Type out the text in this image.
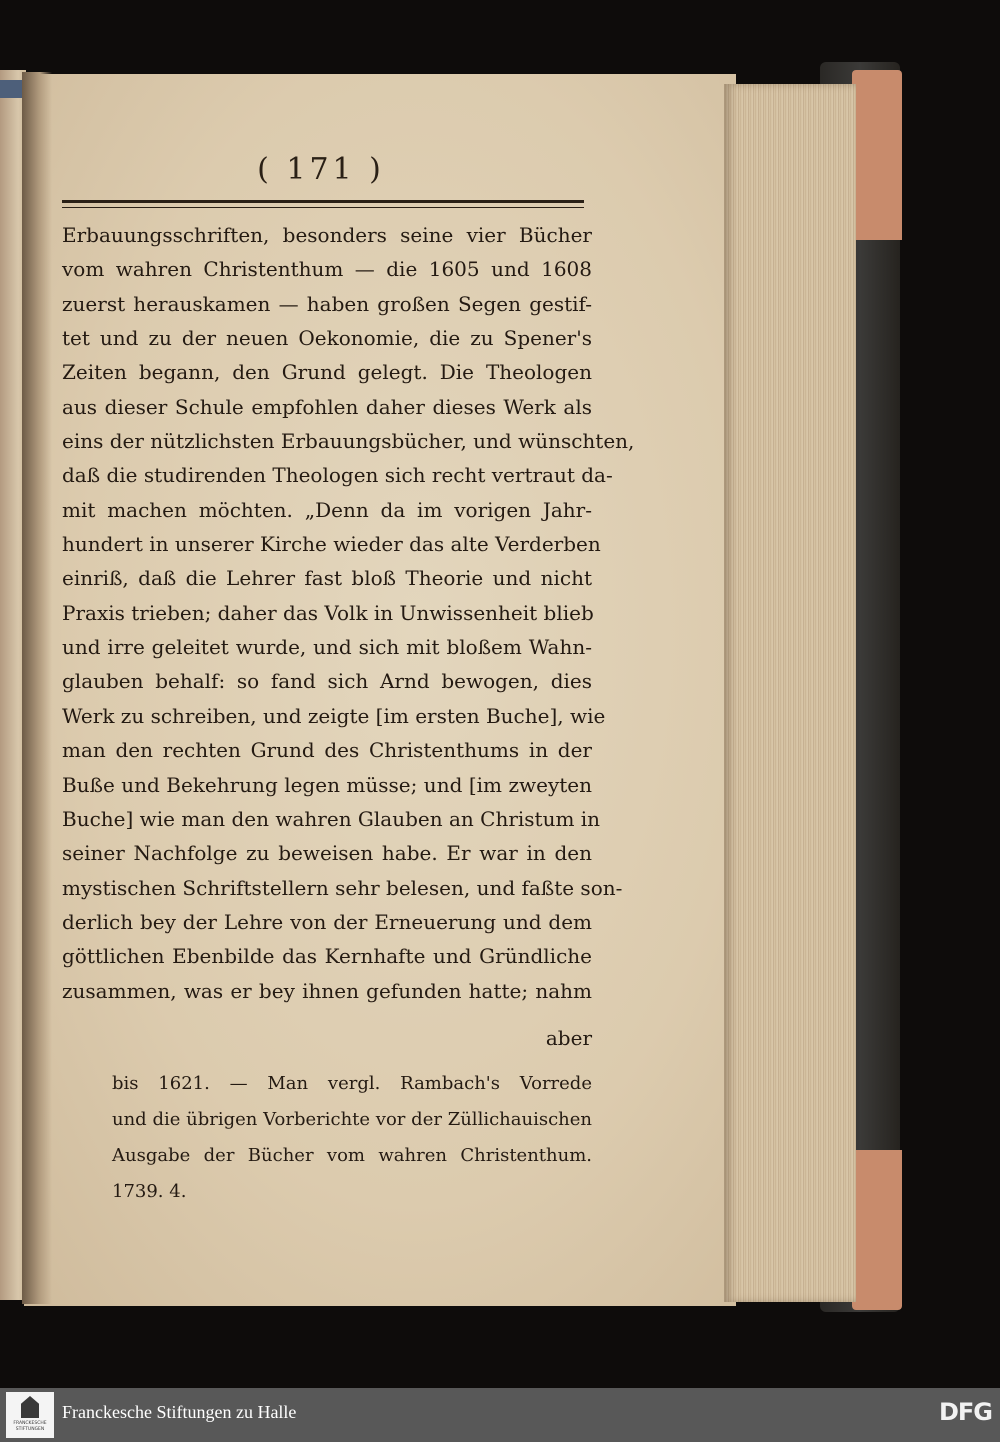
( 171 )
Erbauungsschriften, besonders seine vier Bücher
vom wahren Christenthum — die 1605 und 1608
zuerst herauskamen — haben großen Segen gestif-
tet und zu der neuen Oekonomie, die zu Spener's
Zeiten begann, den Grund gelegt. Die Theologen
aus dieser Schule empfohlen daher dieses Werk als
eins der nützlichsten Erbauungsbücher, und wünschten,
daß die studirenden Theologen sich recht vertraut da-
mit machen möchten. „Denn da im vorigen Jahr-
hundert in unserer Kirche wieder das alte Verderben
einriß, daß die Lehrer fast bloß Theorie und nicht
Praxis trieben; daher das Volk in Unwissenheit blieb
und irre geleitet wurde, und sich mit bloßem Wahn-
glauben behalf: so fand sich Arnd bewogen, dies
Werk zu schreiben, und zeigte [im ersten Buche], wie
man den rechten Grund des Christenthums in der
Buße und Bekehrung legen müsse; und [im zweyten
Buche] wie man den wahren Glauben an Christum in
seiner Nachfolge zu beweisen habe. Er war in den
mystischen Schriftstellern sehr belesen, und faßte son-
derlich bey der Lehre von der Erneuerung und dem
göttlichen Ebenbilde das Kernhafte und Gründliche
zusammen, was er bey ihnen gefunden hatte; nahm
aber
bis 1621. — Man vergl. Rambach's Vorrede
und die übrigen Vorberichte vor der Züllichauischen
Ausgabe der Bücher vom wahren Christenthum.
1739. 4.
FRANCKESCHE
STIFTUNGEN
Franckesche Stiftungen zu Halle	DFG
